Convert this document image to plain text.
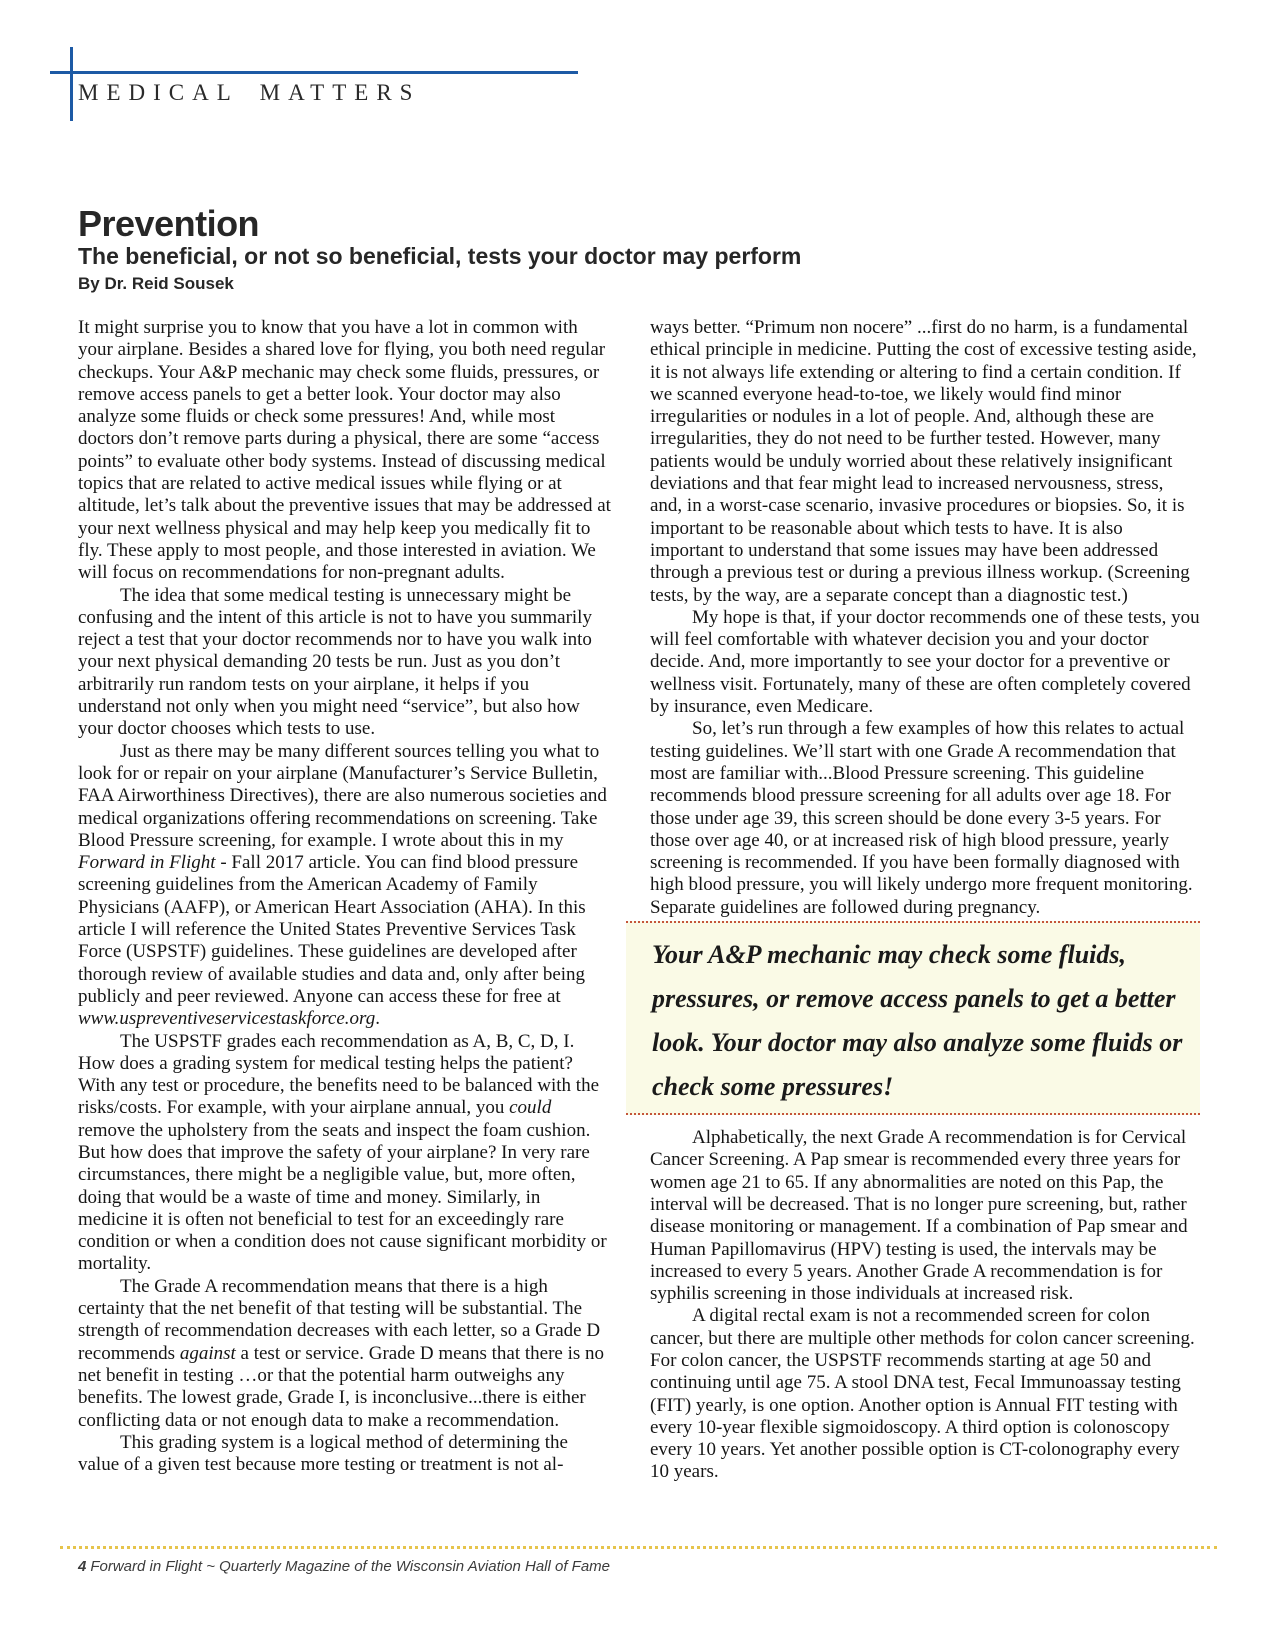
MEDICAL MATTERS
Prevention
The beneficial, or not so beneficial, tests your doctor may perform
By Dr. Reid Sousek

It might surprise you to know that you have a lot in common with your airplane. Besides a shared love for flying, you both need regular checkups. Your A&P mechanic may check some fluids, pressures, or remove access panels to get a better look. Your doctor may also analyze some fluids or check some pressures! And, while most doctors don’t remove parts during a physical, there are some “access points” to evaluate other body systems. Instead of discussing medical topics that are related to active medical issues while flying or at altitude, let’s talk about the preventive issues that may be addressed at your next wellness physical and may help keep you medically fit to fly. These apply to most people, and those interested in aviation. We will focus on recommendations for non-pregnant adults.

The idea that some medical testing is unnecessary might be confusing and the intent of this article is not to have you summarily reject a test that your doctor recommends nor to have you walk into your next physical demanding 20 tests be run. Just as you don’t arbitrarily run random tests on your airplane, it helps if you understand not only when you might need “service”, but also how your doctor chooses which tests to use.

Just as there may be many different sources telling you what to look for or repair on your airplane (Manufacturer’s Service Bulletin, FAA Airworthiness Directives), there are also numerous societies and medical organizations offering recommendations on screening. Take Blood Pressure screening, for example. I wrote about this in my Forward in Flight - Fall 2017 article. You can find blood pressure screening guidelines from the American Academy of Family Physicians (AAFP), or American Heart Association (AHA). In this article I will reference the United States Preventive Services Task Force (USPSTF) guidelines. These guidelines are developed after thorough review of available studies and data and, only after being publicly and peer reviewed. Anyone can access these for free at www.uspreventiveservicestaskforce.org.

The USPSTF grades each recommendation as A, B, C, D, I. How does a grading system for medical testing helps the patient? With any test or procedure, the benefits need to be balanced with the risks/costs. For example, with your airplane annual, you could remove the upholstery from the seats and inspect the foam cushion. But how does that improve the safety of your airplane? In very rare circumstances, there might be a negligible value, but, more often, doing that would be a waste of time and money. Similarly, in medicine it is often not beneficial to test for an exceedingly rare condition or when a condition does not cause significant morbidity or mortality.

The Grade A recommendation means that there is a high certainty that the net benefit of that testing will be substantial. The strength of recommendation decreases with each letter, so a Grade D recommends against a test or service. Grade D means that there is no net benefit in testing …or that the potential harm outweighs any benefits. The lowest grade, Grade I, is inconclusive...there is either conflicting data or not enough data to make a recommendation.

This grading system is a logical method of determining the value of a given test because more testing or treatment is not al-

ways better. “Primum non nocere” ...first do no harm, is a fundamental ethical principle in medicine. Putting the cost of excessive testing aside, it is not always life extending or altering to find a certain condition. If we scanned everyone head-to-toe, we likely would find minor irregularities or nodules in a lot of people. And, although these are irregularities, they do not need to be further tested. However, many patients would be unduly worried about these relatively insignificant deviations and that fear might lead to increased nervousness, stress, and, in a worst-case scenario, invasive procedures or biopsies. So, it is important to be reasonable about which tests to have. It is also important to understand that some issues may have been addressed through a previous test or during a previous illness workup. (Screening tests, by the way, are a separate concept than a diagnostic test.)

My hope is that, if your doctor recommends one of these tests, you will feel comfortable with whatever decision you and your doctor decide. And, more importantly to see your doctor for a preventive or wellness visit. Fortunately, many of these are often completely covered by insurance, even Medicare.

So, let’s run through a few examples of how this relates to actual testing guidelines. We’ll start with one Grade A recommendation that most are familiar with...Blood Pressure screening. This guideline recommends blood pressure screening for all adults over age 18. For those under age 39, this screen should be done every 3-5 years. For those over age 40, or at increased risk of high blood pressure, yearly screening is recommended. If you have been formally diagnosed with high blood pressure, you will likely undergo more frequent monitoring. Separate guidelines are followed during pregnancy.

Your A&P mechanic may check some fluids, pressures, or remove access panels to get a better look. Your doctor may also analyze some fluids or check some pressures!

Alphabetically, the next Grade A recommendation is for Cervical Cancer Screening. A Pap smear is recommended every three years for women age 21 to 65. If any abnormalities are noted on this Pap, the interval will be decreased. That is no longer pure screening, but, rather disease monitoring or management. If a combination of Pap smear and Human Papillomavirus (HPV) testing is used, the intervals may be increased to every 5 years. Another Grade A recommendation is for syphilis screening in those individuals at increased risk.

A digital rectal exam is not a recommended screen for colon cancer, but there are multiple other methods for colon cancer screening. For colon cancer, the USPSTF recommends starting at age 50 and continuing until age 75. A stool DNA test, Fecal Immunoassay testing (FIT) yearly, is one option. Another option is Annual FIT testing with every 10-year flexible sigmoidoscopy. A third option is colonoscopy every 10 years. Yet another possible option is CT-colonography every 10 years.

4 Forward in Flight ~ Quarterly Magazine of the Wisconsin Aviation Hall of Fame
